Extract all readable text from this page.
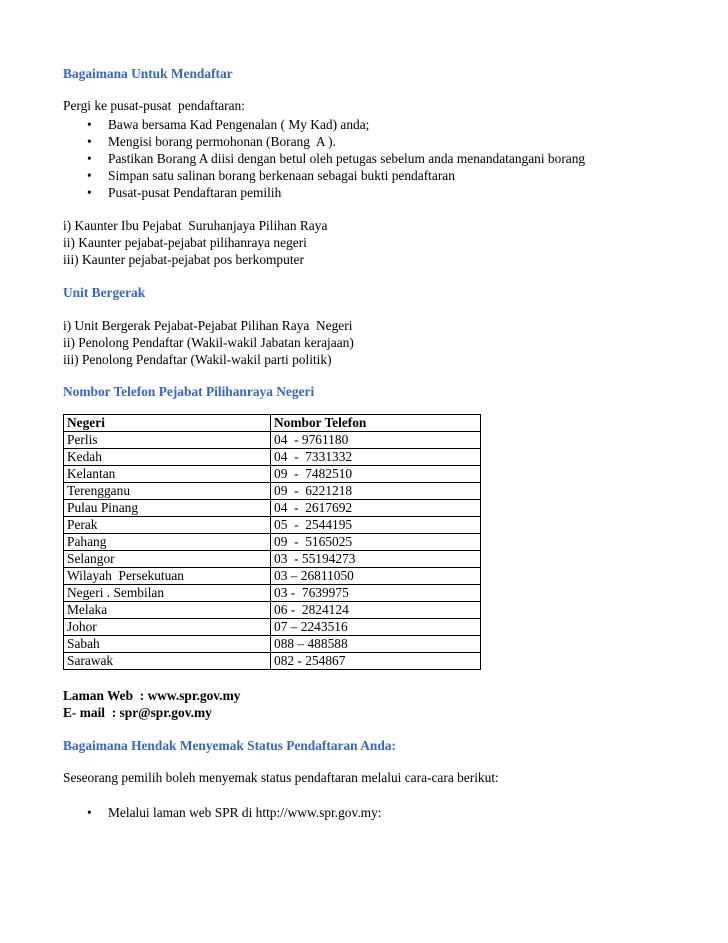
Bagaimana Untuk Mendaftar
Pergi ke pusat-pusat  pendaftaran:
• Bawa bersama Kad Pengenalan ( My Kad) anda;
• Mengisi borang permohonan (Borang  A ).
• Pastikan Borang A diisi dengan betul oleh petugas sebelum anda menandatangani borang
• Simpan satu salinan borang berkenaan sebagai bukti pendaftaran
• Pusat-pusat Pendaftaran pemilih
i) Kaunter Ibu Pejabat  Suruhanjaya Pilihan Raya
ii) Kaunter pejabat-pejabat pilihanraya negeri
iii) Kaunter pejabat-pejabat pos berkomputer
Unit Bergerak
i) Unit Bergerak Pejabat-Pejabat Pilihan Raya  Negeri
ii) Penolong Pendaftar (Wakil-wakil Jabatan kerajaan)
iii) Penolong Pendaftar (Wakil-wakil parti politik)
Nombor Telefon Pejabat Pilihanraya Negeri
Negeri	Nombor Telefon
Perlis	04  - 9761180
Kedah	04  -  7331332
Kelantan	09  -  7482510
Terengganu	09  -  6221218
Pulau Pinang	04  -  2617692
Perak	05  -  2544195
Pahang	09  -  5165025
Selangor	03  - 55194273
Wilayah  Persekutuan	03 – 26811050
Negeri . Sembilan	03 -  7639975
Melaka	06 -  2824124
Johor	07 – 2243516
Sabah	088 – 488588
Sarawak	082 - 254867
Laman Web  : www.spr.gov.my
E- mail  : spr@spr.gov.my
Bagaimana Hendak Menyemak Status Pendaftaran Anda:
Seseorang pemilih boleh menyemak status pendaftaran melalui cara-cara berikut:
• Melalui laman web SPR di http://www.spr.gov.my:
